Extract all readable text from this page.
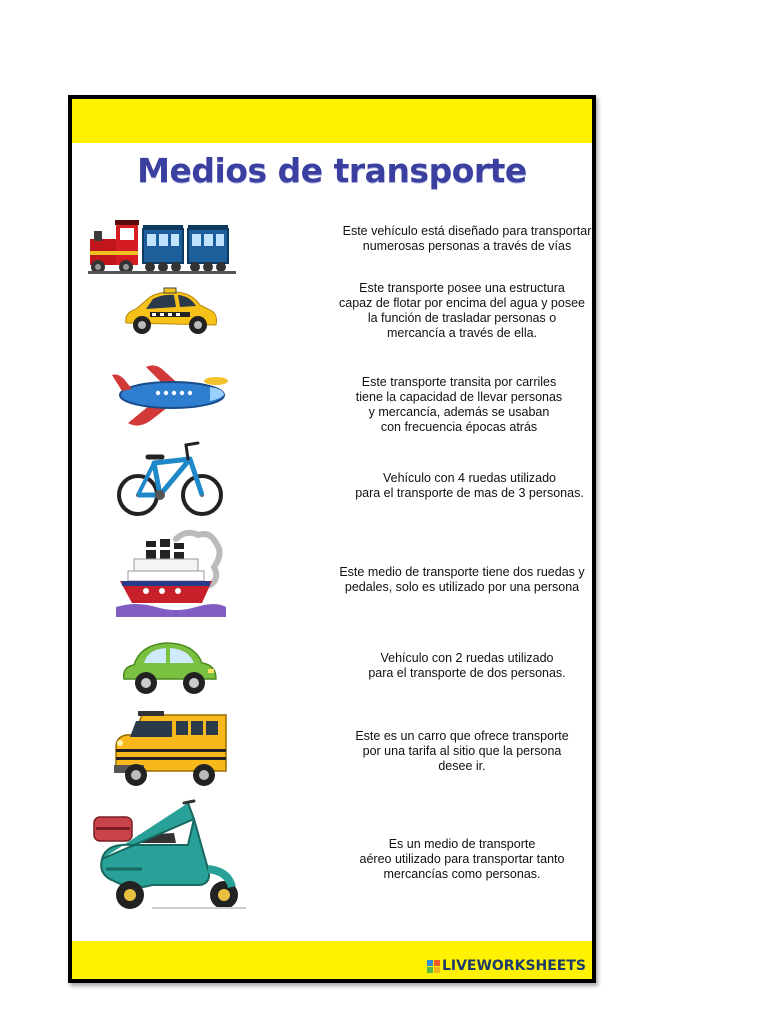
Medios de transporte

Este vehículo está diseñado para transportar
numerosas personas a través de vías

Este transporte posee una estructura
capaz de flotar por encima del agua y posee
la función de trasladar personas o
mercancía a través de ella.

Este transporte transita por carriles
tiene la capacidad de llevar personas
y mercancía, además se usaban
con frecuencia épocas atrás

Vehículo con 4 ruedas utilizado
para el transporte de mas de 3 personas.

Este medio de transporte tiene dos ruedas y
pedales, solo es utilizado por una persona

Vehículo con 2 ruedas utilizado
para el transporte de dos personas.

Este es un carro que ofrece transporte
por una tarifa al sitio que la persona
desee ir.

Es un medio de transporte
aéreo utilizado para transportar tanto
mercancías como personas.

LIVEWORKSHEETS
